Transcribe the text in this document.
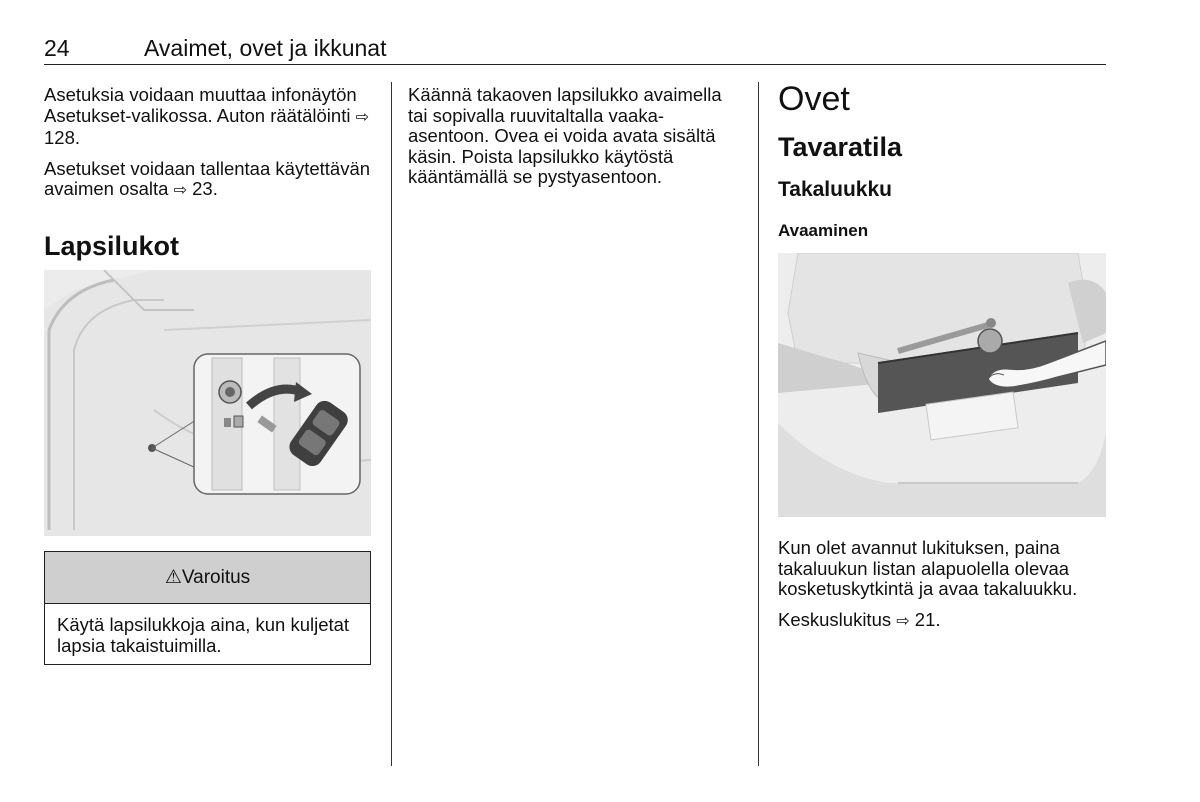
24	Avaimet, ovet ja ikkunat

Asetuksia voidaan muuttaa infonäytön Asetukset-valikossa. Auton räätälöinti ⇨ 128.

Asetukset voidaan tallentaa käytettävän avaimen osalta ⇨ 23.

Lapsilukot
⚠ Varoitus
Käytä lapsilukkoja aina, kun kuljetat lapsia takaistuimilla.

Käännä takaoven lapsilukko avaimella tai sopivalla ruuvitaltalla vaaka-asentoon. Ovea ei voida avata sisältä käsin. Poista lapsilukko käytöstä kääntämällä se pystyasentoon.

Ovet
Tavaratila
Takaluukku
Avaaminen

Kun olet avannut lukituksen, paina takaluukun listan alapuolella olevaa kosketuskytkintä ja avaa takaluukku.

Keskuslukitus ⇨ 21.
